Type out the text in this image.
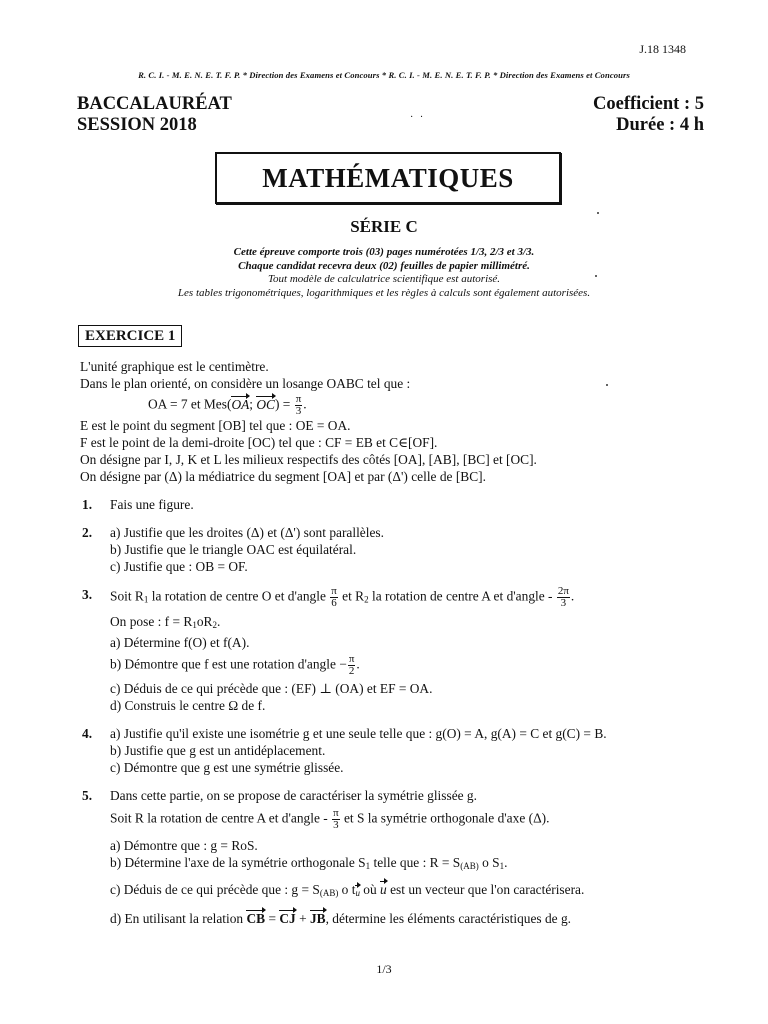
J.18 1348
R. C. I. - M. E. N. E. T. F. P. * Direction des Examens et Concours * R. C. I. - M. E. N. E. T. F. P. * Direction des Examens et Concours
BACCALAURÉAT
SESSION 2018
Coefficient : 5
Durée : 4 h
· ·
MATHÉMATIQUES
SÉRIE C
Cette épreuve comporte trois (03) pages numérotées 1/3, 2/3 et 3/3.
Chaque candidat recevra deux (02) feuilles de papier millimétré.
Tout modèle de calculatrice scientifique est autorisé.
Les tables trigonométriques, logarithmiques et les règles à calculs sont également autorisées.
EXERCICE 1

L'unité graphique est le centimètre.

Dans le plan orienté, on considère un losange OABC tel que :

OA = 7 et Mes(OA; $OC) = \frac{\pi}{3}$ .

E est le point du segment [OB] tel que : OE = OA.

F est le point de la demi-droite [OC) tel que : CF = EB et C∈[OF].

On désigne par I, J, K et L les milieux respectifs des côtés [OA], [AB], [BC] et [OC].

On désigne par (Δ) la médiatrice du segment [OA] et par (Δ') celle de [BC].

1. Fais une figure.

2. a) Justifie que les droites (Δ) et (Δ') sont parallèles.

b) Justifie que le triangle OAC est équilatéral.

c) Justifie que : OB = OF.

3. Soit $R_1$ la rotation de centre O et d'angle $\frac{\pi}{6}$ et $R_2$ la rotation de centre A et d'angle - $\frac{2\pi}{3}$ .

On pose : $f = R_1oR_2$.

a) Détermine f(O) et f(A).

b) Démontre que f est une rotation d'angle − $\frac{\pi}{2}$ .

c) Déduis de ce qui précède que : (EF) ⊥ (OA) et EF = OA.

d) Construis le centre Ω de f.

4. a) Justifie qu'il existe une isométrie g et une seule telle que : g(O) = A, g(A) = C et g(C) = B.

b) Justifie que g est un antidéplacement.

c) Démontre que g est une symétrie glissée.

5. Dans cette partie, on se propose de caractériser la symétrie glissée g.

Soit R la rotation de centre A et d'angle - $\frac{\pi}{3}$ et S la symétrie orthogonale d'axe (Δ).

a) Démontre que : g = RoS.

b) Détermine l'axe de la symétrie orthogonale $S_1$ telle que : $R = S_{(AB)}$ o $S_1$.

c) Déduis de ce qui précède que : $g = S_{(AB)}$ o tu où u est un vecteur que l'on caractérisera.

d) En utilisant la relation CB = CJ + JB, détermine les éléments caractéristiques de g.

1/3
